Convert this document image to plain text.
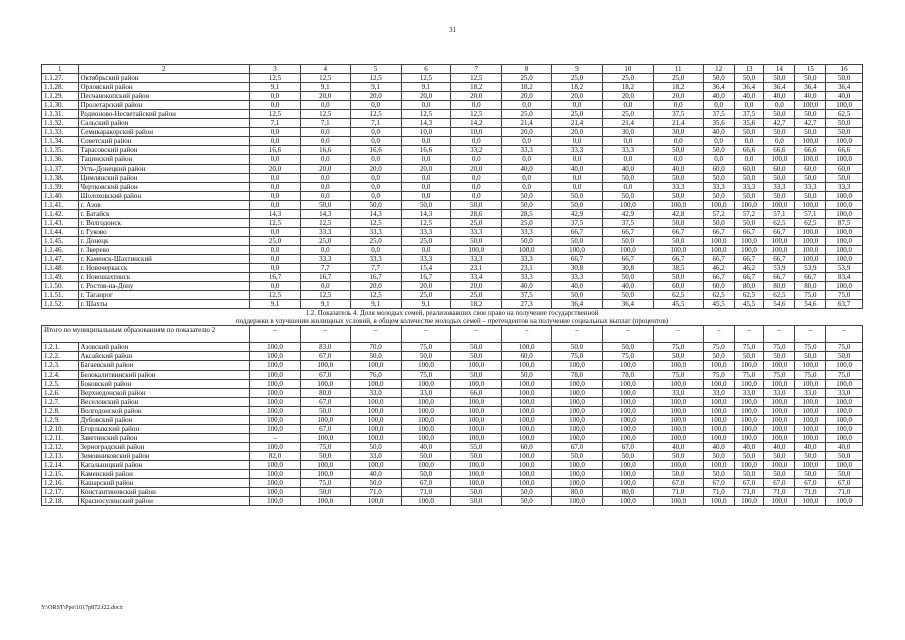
31
1	2	3	4	5	6	7	8	9	10	11	12	13	14	15	16
1.1.27.	Октябрьский район	12,5	12,5	12,5	12,5	12,5	25,0	25,0	25,0	25,0	50,0	50,0	50,0	50,0	50,0
1.1.28.	Орловский район	9,1	9,1	9,1	9,1	18,2	18,2	18,2	18,2	18,2	36,4	36,4	36,4	36,4	36,4
1.1.29.	Песчанокопский район	0,0	20,0	20,0	20,0	20,0	20,0	20,0	20,0	20,0	40,0	40,0	40,0	40,0	40,0
1.1.30.	Пролетарский район	0,0	0,0	0,0	0,0	0,0	0,0	0,0	0,0	0,0	0,0	0,0	0,0	100,0	100,0
1.1.31.	Родионово-Несветайский район	12,5	12,5	12,5	12,5	12,5	25,0	25,0	25,0	37,5	37,5	37,5	50,0	50,0	62,5
1.1.32.	Сальский район	7,1	7,1	7,1	14,3	14,2	21,4	21,4	21,4	21,4	35,6	35,6	42,7	42,7	50,0
1.1.33.	Семикаракорский район	0,0	0,0	0,0	10,0	10,0	20,0	20,0	30,0	30,0	40,0	50,0	50,0	50,0	50,0
1.1.34.	Советский район	0,0	0,0	0,0	0,0	0,0	0,0	0,0	0,0	0,0	0,0	0,0	0,0	100,0	100,0
1.1.35.	Тарасовский район	16,6	16,6	16,6	16,6	33,2	33,3	33,3	33,3	50,0	50,0	66,6	66,6	66,6	66,6
1.1.36.	Тацинский район	0,0	0,0	0,0	0,0	0,0	0,0	0,0	0,0	0,0	0,0	0,0	100,0	100,0	100,0
1.1.37.	Усть-Донецкий район	20,0	20,0	20,0	20,0	20,0	40,0	40,0	40,0	40,0	60,0	60,0	60,0	60,0	60,0
1.1.38.	Цимлянский район	0,0	0,0	0,0	0,0	0,0	0,0	0,0	50,0	50,0	50,0	50,0	50,0	50,0	50,0
1.1.39.	Чертковский район	0,0	0,0	0,0	0,0	0,0	0,0	0,0	0,0	33,3	33,3	33,3	33,3	33,3	33,3
1.1.40.	Шолоховский район	0,0	0,0	0,0	0,0	0,0	50,0	50,0	50,0	50,0	50,0	50,0	50,0	50,0	100,0
1.1.41.	г. Азов	0,0	50,0	50,0	50,0	50,0	50,0	50,0	100,0	100,0	100,0	100,0	100,0	100,0	100,0
1.1.42.	г. Батайск	14,3	14,3	14,3	14,3	28,6	28,5	42,9	42,9	42,8	57,2	57,2	57,1	57,1	100,0
1.1.43.	г. Волгодонск	12,5	12,5	12,5	12,5	25,0	25,0	37,5	37,5	50,0	50,0	50,0	62,5	62,5	87,5
1.1.44.	г. Гуково	0,0	33,3	33,3	33,3	33,3	33,3	66,7	66,7	66,7	66,7	66,7	66,7	100,0	100,0
1.1.45.	г. Донецк	25,0	25,0	25,0	25,0	50,0	50,0	50,0	50,0	50,0	100,0	100,0	100,0	100,0	100,0
1.1.46.	г. Зверево	0,0	0,0	0,0	0,0	100,0	100,0	100,0	100,0	100,0	100,0	100,0	100,0	100,0	100,0
1.1.47.	г. Каменск-Шахтинский	0,0	33,3	33,3	33,3	33,3	33,3	66,7	66,7	66,7	66,7	66,7	66,7	100,0	100,0
1.1.48.	г. Новочеркасск	0,0	7,7	7,7	15,4	23,1	23,1	30,8	30,8	38,5	46,2	46,2	53,9	53,9	53,9
1.1.49.	г. Новошахтинск	16,7	16,7	16,7	16,7	33,4	33,3	33,3	50,0	50,0	66,7	66,7	66,7	66,7	83,4
1.1.50.	г. Ростов-на-Дону	0,0	0,0	20,0	20,0	20,0	40,0	40,0	40,0	60,0	60,0	80,0	80,0	80,0	100,0
1.1.51.	г. Таганрог	12,5	12,5	12,5	25,0	25,0	37,5	50,0	50,0	62,5	62,5	62,5	62,5	75,0	75,0
1.1.52.	г. Шахты	9,1	9,1	9,1	9,1	18,2	27,3	36,4	36,4	45,5	45,5	45,5	54,6	54,6	63,7

1.2. Показатель 4. Доля молодых семей, реализовавших свое право на получение государственной
поддержки в улучшении жилищных условий, в общем количестве молодых семей – претендентов на получение социальных выплат (процентов)															

Итого по муниципальным образованиям по показателю 2		–	–	–	–	–	–	–	–	–	–	–	–	–	–
1.2.1.	Азовский район	100,0	83,0	70,0	75,0	50,0	100,0	50,0	50,0	75,0	75,0	75,0	75,0	75,0	75,0
1.2.2.	Аксайский район	100,0	67,0	50,0	50,0	50,0	60,0	75,0	75,0	50,0	50,0	50,0	50,0	50,0	50,0
1.2.3.	Багаевский район	100,0	100,0	100,0	100,0	100,0	100,0	100,0	100,0	100,0	100,0	100,0	100,0	100,0	100,0
1.2.4.	Белокалитвинский район	100,0	67,0	76,0	75,0	50,0	50,0	78,0	78,0	75,0	75,0	75,0	75,0	75,0	75,0
1.2.5.	Боковский район	100,0	100,0	100,0	100,0	100,0	100,0	100,0	100,0	100,0	100,0	100,0	100,0	100,0	100,0
1.2.6.	Верхнедонской район	100,0	80,0	33,0	33,0	66,0	100,0	100,0	100,0	33,0	33,0	33,0	33,0	33,0	33,0
1.2.7.	Веселовский район	100,0	67,0	100,0	100,0	100,0	100,0	100,0	100,0	100,0	100,0	100,0	100,0	100,0	100,0
1.2.8.	Волгодонской район	100,0	50,0	100,0	100,0	100,0	100,0	100,0	100,0	100,0	100,0	100,0	100,0	100,0	100,0
1.2.9.	Дубовский район	100,0	100,0	100,0	100,0	100,0	100,0	100,0	100,0	100,0	100,0	100,0	100,0	100,0	100,0
1.2.10.	Егорлыкский район	100,0	67,0	100,0	100,0	100,0	100,0	100,0	100,0	100,0	100,0	100,0	100,0	100,0	100,0
1.2.11.	Заветинский район	–	100,0	100,0	100,0	100,0	100,0	100,0	100,0	100,0	100,0	100,0	100,0	100,0	100,0
1.2.12.	Зерноградский район	100,0	75,0	50,0	40,0	55,0	60,0	67,0	67,0	40,0	40,0	40,0	40,0	40,0	40,0
1.2.13.	Зимовниковский район	82,0	50,0	33,0	50,0	50,0	100,0	50,0	50,0	50,0	50,0	50,0	50,0	50,0	50,0
1.2.14.	Кагальницкий район	100,0	100,0	100,0	100,0	100,0	100,0	100,0	100,0	100,0	100,0	100,0	100,0	100,0	100,0
1.2.15.	Каменский район	100,0	100,0	40,0	50,0	100,0	100,0	100,0	100,0	50,0	50,0	50,0	50,0	50,0	50,0
1.2.16.	Кашарский район	100,0	75,0	50,0	67,0	100,0	100,0	100,0	100,0	67,0	67,0	67,0	67,0	67,0	67,0
1.2.17.	Константиновский район	100,0	50,0	71,0	71,0	50,0	50,0	80,0	80,0	71,0	71,0	71,0	71,0	71,0	71,0
1.2.18.	Красносулинский район	100,0	100,0	100,0	100,0	50,0	50,0	100,0	100,0	100,0	100,0	100,0	100,0	100,0	100,0
Y:\ORST\Ppo\1017p872.f22.docx
